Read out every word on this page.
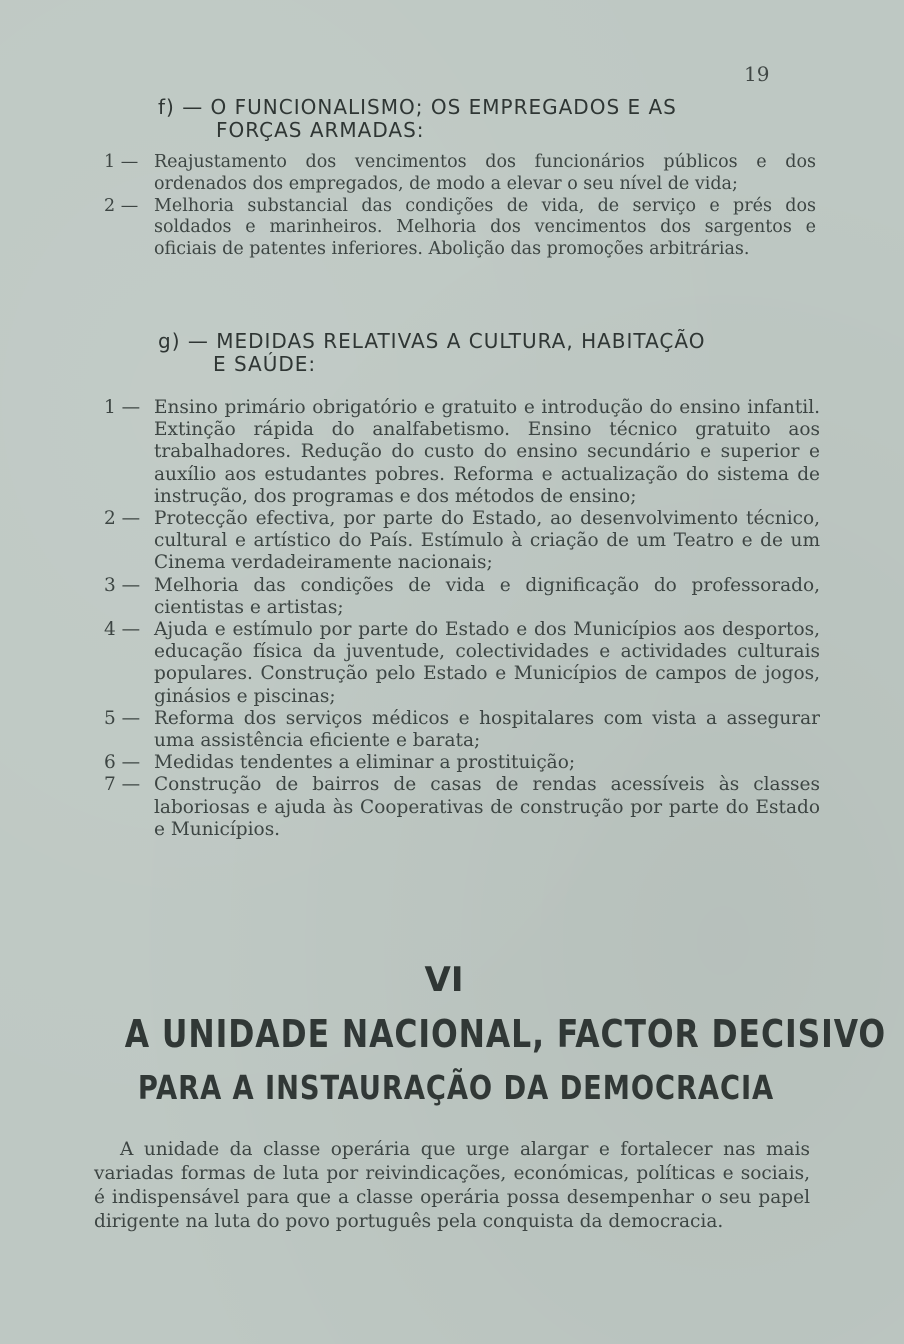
19
f) — O FUNCIONALISMO; OS EMPREGADOS E AS
FORÇAS ARMADAS:
1 — Reajustamento dos vencimentos dos funcionários públicos e dos ordenados dos empregados, de modo a elevar o seu nível de vida;
2 — Melhoria substancial das condições de vida, de serviço e prés dos soldados e marinheiros. Melhoria dos vencimentos dos sargentos e oficiais de patentes inferiores. Abolição das promoções arbitrárias.
g) — MEDIDAS RELATIVAS A CULTURA, HABITAÇÃO
E SAÚDE:
1 — Ensino primário obrigatório e gratuito e introdução do ensino infantil. Extinção rápida do analfabetismo. Ensino técnico gratuito aos trabalhadores. Redução do custo do ensino secundário e superior e auxílio aos estudantes pobres. Reforma e actualização do sistema de instrução, dos programas e dos métodos de ensino;
2 — Protecção efectiva, por parte do Estado, ao desenvolvimento técnico, cultural e artístico do País. Estímulo à criação de um Teatro e de um Cinema verdadeiramente nacionais;
3 — Melhoria das condições de vida e dignificação do professorado, cientistas e artistas;
4 — Ajuda e estímulo por parte do Estado e dos Municípios aos desportos, educação física da juventude, colectividades e actividades culturais populares. Construção pelo Estado e Municípios de campos de jogos, ginásios e piscinas;
5 — Reforma dos serviços médicos e hospitalares com vista a assegurar uma assistência eficiente e barata;
6 — Medidas tendentes a eliminar a prostituição;
7 — Construção de bairros de casas de rendas acessíveis às classes laboriosas e ajuda às Cooperativas de construção por parte do Estado e Municípios.
VI
A UNIDADE NACIONAL, FACTOR DECISIVO
PARA A INSTAURAÇÃO DA DEMOCRACIA
A unidade da classe operária que urge alargar e fortalecer nas mais variadas formas de luta por reivindicações, económicas, políticas e sociais, é indispensável para que a classe operária possa desempenhar o seu papel dirigente na luta do povo português pela conquista da democracia.
